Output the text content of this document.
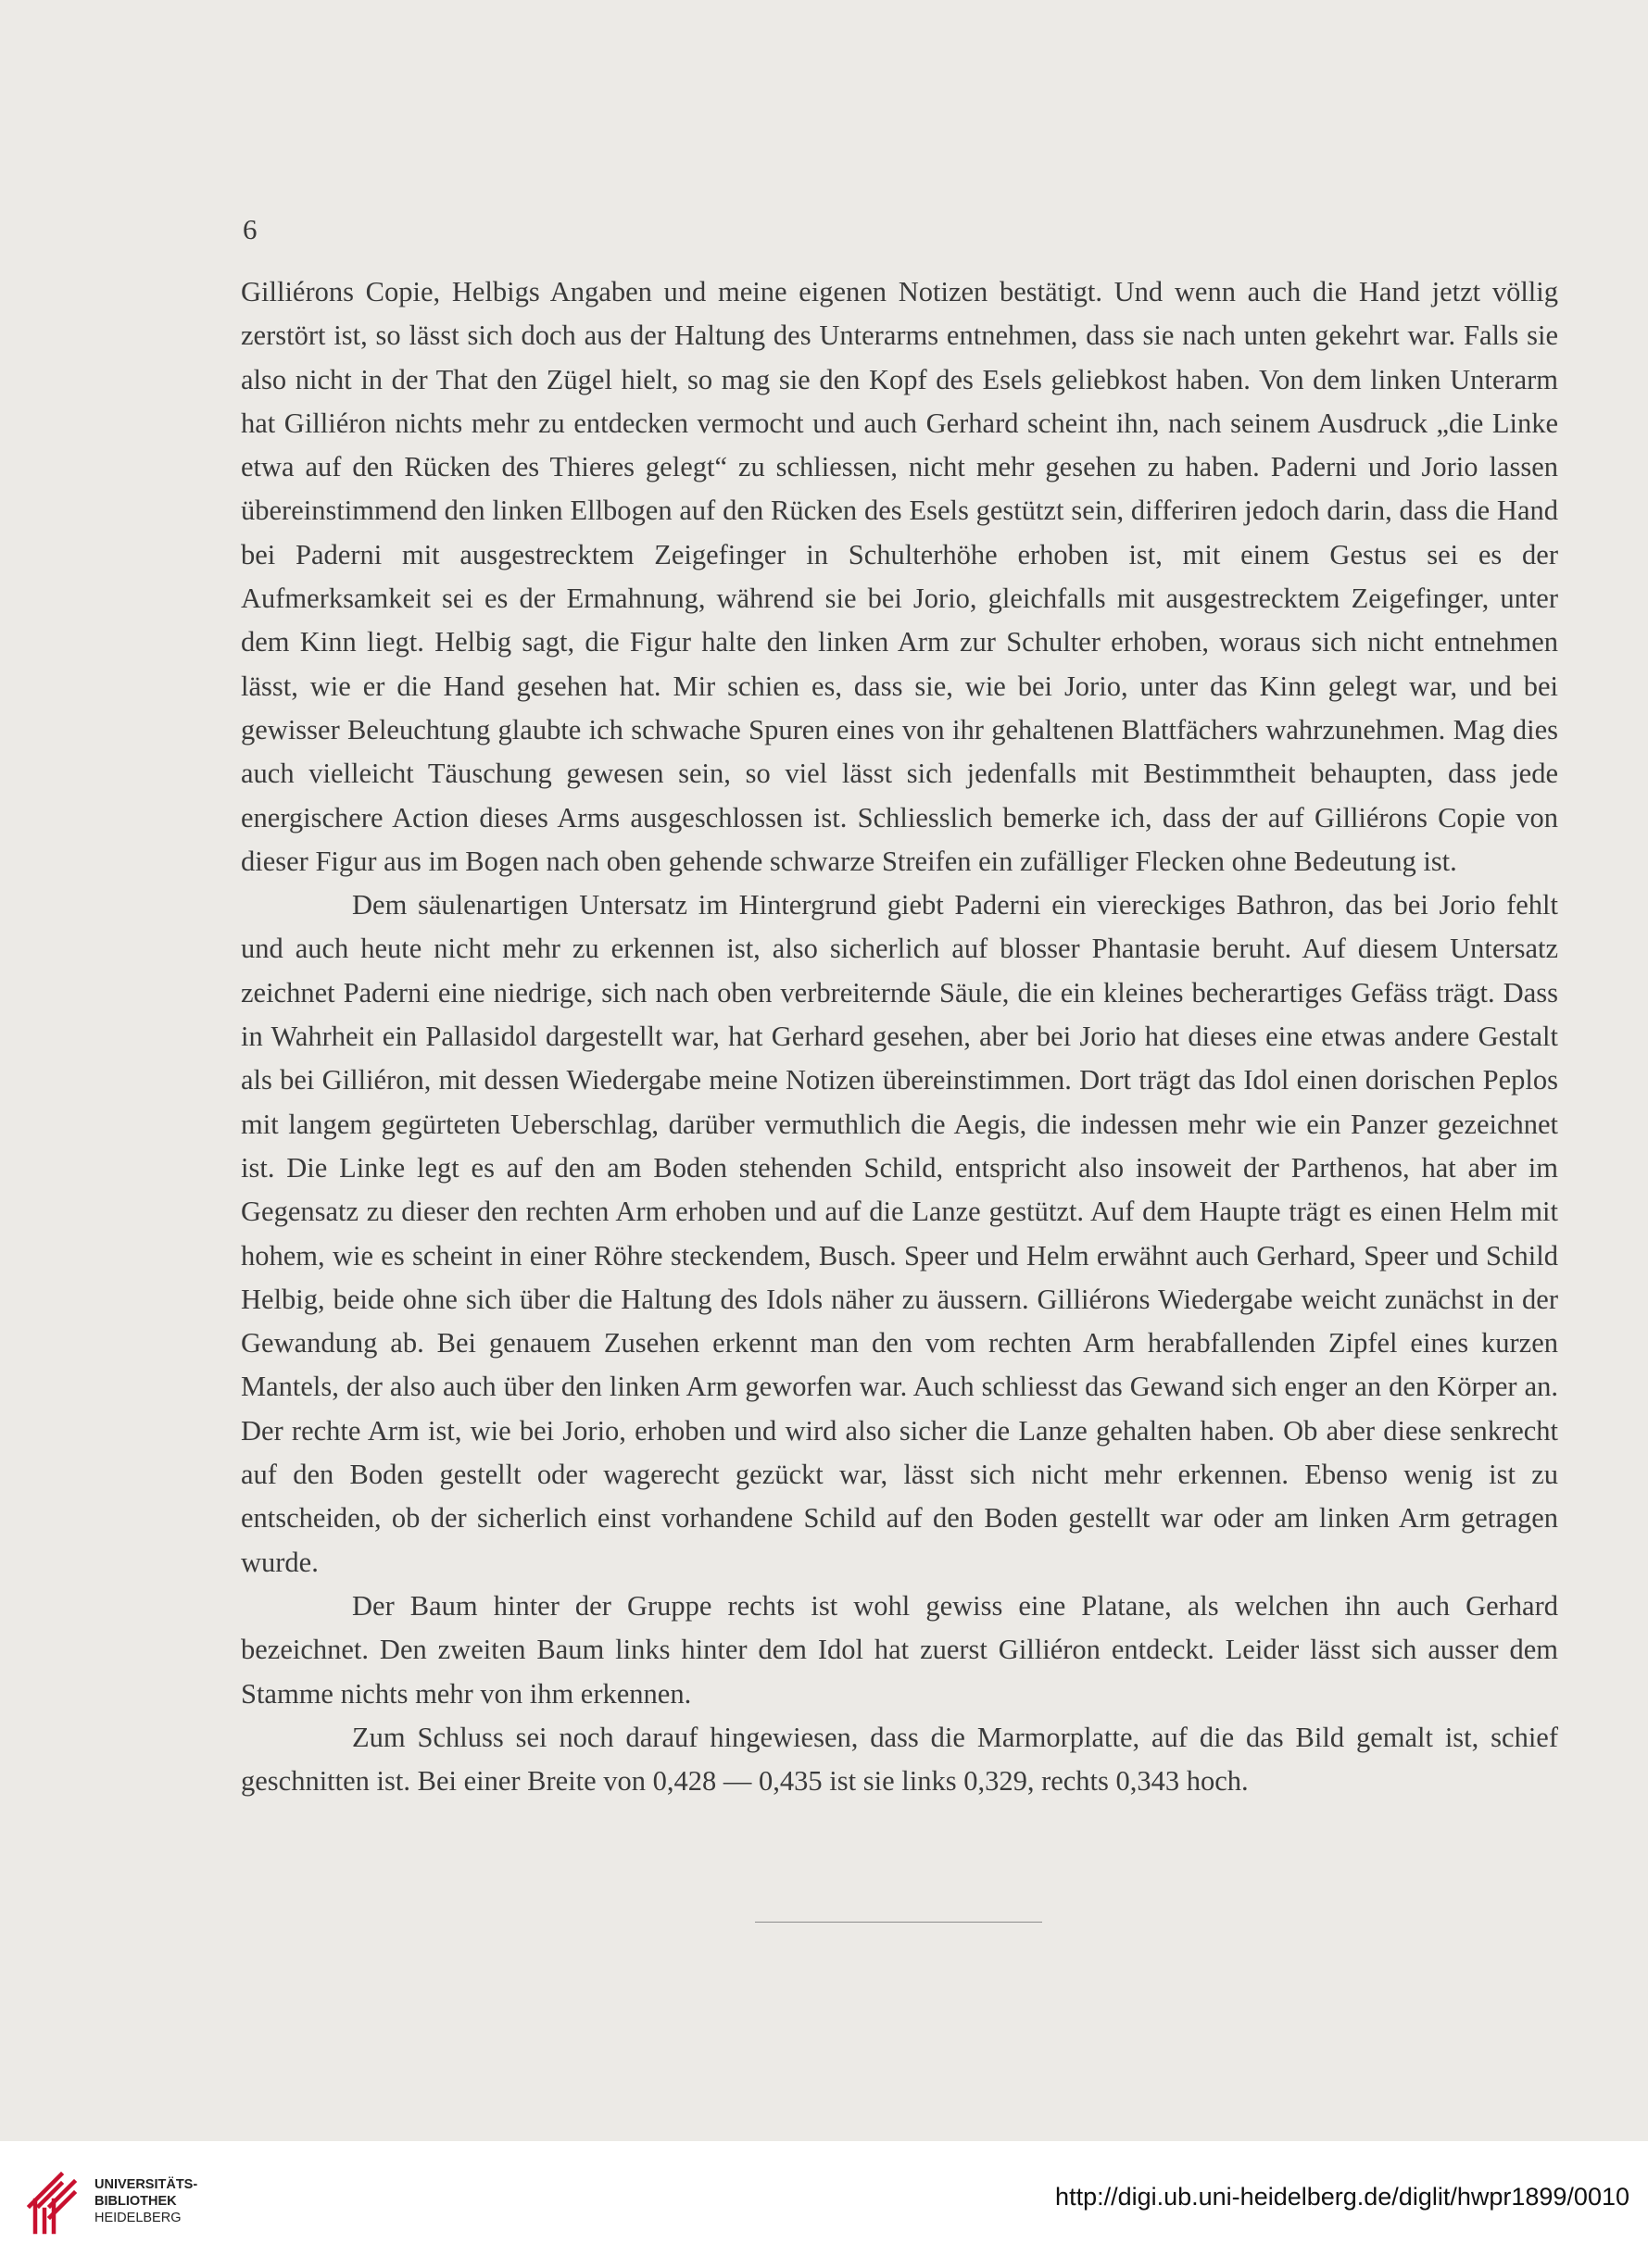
6

Gilliérons Copie, Helbigs Angaben und meine eigenen Notizen bestätigt. Und wenn auch die Hand jetzt völlig zerstört ist, so lässt sich doch aus der Haltung des Unterarms entnehmen, dass sie nach unten gekehrt war. Falls sie also nicht in der That den Zügel hielt, so mag sie den Kopf des Esels geliebkost haben. Von dem linken Unterarm hat Gilliéron nichts mehr zu entdecken vermocht und auch Gerhard scheint ihn, nach seinem Ausdruck „die Linke etwa auf den Rücken des Thieres gelegt“ zu schliessen, nicht mehr gesehen zu haben. Paderni und Jorio lassen übereinstimmend den linken Ellbogen auf den Rücken des Esels gestützt sein, differiren jedoch darin, dass die Hand bei Paderni mit ausgestrecktem Zeigefinger in Schulterhöhe erhoben ist, mit einem Gestus sei es der Aufmerksamkeit sei es der Ermahnung, während sie bei Jorio, gleichfalls mit ausgestrecktem Zeigefinger, unter dem Kinn liegt. Helbig sagt, die Figur halte den linken Arm zur Schulter erhoben, woraus sich nicht entnehmen lässt, wie er die Hand gesehen hat. Mir schien es, dass sie, wie bei Jorio, unter das Kinn gelegt war, und bei gewisser Beleuchtung glaubte ich schwache Spuren eines von ihr gehaltenen Blattfächers wahrzunehmen. Mag dies auch vielleicht Täuschung gewesen sein, so viel lässt sich jedenfalls mit Bestimmtheit behaupten, dass jede energischere Action dieses Arms ausgeschlossen ist. Schliesslich bemerke ich, dass der auf Gilliérons Copie von dieser Figur aus im Bogen nach oben gehende schwarze Streifen ein zufälliger Flecken ohne Bedeutung ist.

Dem säulenartigen Untersatz im Hintergrund giebt Paderni ein viereckiges Bathron, das bei Jorio fehlt und auch heute nicht mehr zu erkennen ist, also sicherlich auf blosser Phantasie beruht. Auf diesem Untersatz zeichnet Paderni eine niedrige, sich nach oben verbreiternde Säule, die ein kleines becherartiges Gefäss trägt. Dass in Wahrheit ein Pallasidol dargestellt war, hat Gerhard gesehen, aber bei Jorio hat dieses eine etwas andere Gestalt als bei Gilliéron, mit dessen Wiedergabe meine Notizen übereinstimmen. Dort trägt das Idol einen dorischen Peplos mit langem gegürteten Ueberschlag, darüber vermuthlich die Aegis, die indessen mehr wie ein Panzer gezeichnet ist. Die Linke legt es auf den am Boden stehenden Schild, entspricht also insoweit der Parthenos, hat aber im Gegensatz zu dieser den rechten Arm erhoben und auf die Lanze gestützt. Auf dem Haupte trägt es einen Helm mit hohem, wie es scheint in einer Röhre steckendem, Busch. Speer und Helm erwähnt auch Gerhard, Speer und Schild Helbig, beide ohne sich über die Haltung des Idols näher zu äussern. Gilliérons Wiedergabe weicht zunächst in der Gewandung ab. Bei genauem Zusehen erkennt man den vom rechten Arm herabfallenden Zipfel eines kurzen Mantels, der also auch über den linken Arm geworfen war. Auch schliesst das Gewand sich enger an den Körper an. Der rechte Arm ist, wie bei Jorio, erhoben und wird also sicher die Lanze gehalten haben. Ob aber diese senkrecht auf den Boden gestellt oder wagerecht gezückt war, lässt sich nicht mehr erkennen. Ebenso wenig ist zu entscheiden, ob der sicherlich einst vorhandene Schild auf den Boden gestellt war oder am linken Arm getragen wurde.

Der Baum hinter der Gruppe rechts ist wohl gewiss eine Platane, als welchen ihn auch Gerhard bezeichnet. Den zweiten Baum links hinter dem Idol hat zuerst Gilliéron entdeckt. Leider lässt sich ausser dem Stamme nichts mehr von ihm erkennen.

Zum Schluss sei noch darauf hingewiesen, dass die Marmorplatte, auf die das Bild gemalt ist, schief geschnitten ist. Bei einer Breite von 0,428 — 0,435 ist sie links 0,329, rechts 0,343 hoch.

UNIVERSITÄTS-
BIBLIOTHEK
HEIDELBERG
http://digi.ub.uni-heidelberg.de/diglit/hwpr1899/0010
